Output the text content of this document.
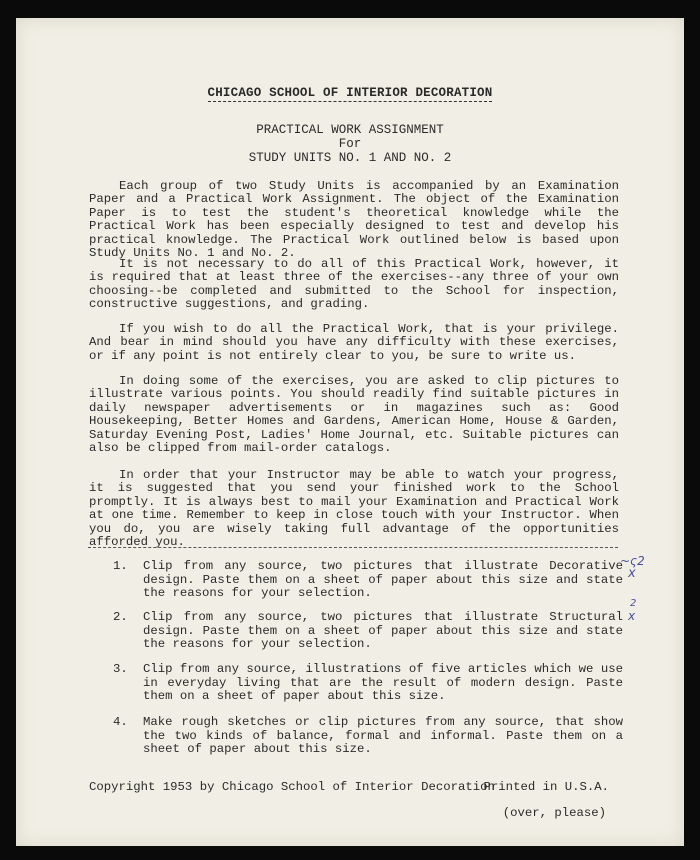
CHICAGO SCHOOL OF INTERIOR DECORATION
PRACTICAL WORK ASSIGNMENT
For
STUDY UNITS NO. 1 AND NO. 2
Each group of two Study Units is accompanied by an Examination Paper and a Practical Work Assignment. The object of the Examination Paper is to test the student's theoretical knowledge while the Practical Work has been especially designed to test and develop his practical knowledge. The Practical Work outlined below is based upon Study Units No. 1 and No. 2.
It is not necessary to do all of this Practical Work, however, it is required that at least three of the exercises--any three of your own choosing--be completed and submitted to the School for inspection, constructive suggestions, and grading.
If you wish to do all the Practical Work, that is your privilege. And bear in mind should you have any difficulty with these exercises, or if any point is not entirely clear to you, be sure to write us.
In doing some of the exercises, you are asked to clip pictures to illustrate various points. You should readily find suitable pictures in daily newspaper advertisements or in magazines such as: Good Housekeeping, Better Homes and Gardens, American Home, House & Garden, Saturday Evening Post, Ladies' Home Journal, etc. Suitable pictures can also be clipped from mail-order catalogs.
In order that your Instructor may be able to watch your progress, it is suggested that you send your finished work to the School promptly. It is always best to mail your Examination and Practical Work at one time. Remember to keep in close touch with your Instructor. When you do, you are wisely taking full advantage of the opportunities afforded you.
1. Clip from any source, two pictures that illustrate Decorative design. Paste them on a sheet of paper about this size and state the reasons for your selection.
2. Clip from any source, two pictures that illustrate Structural design. Paste them on a sheet of paper about this size and state the reasons for your selection.
3. Clip from any source, illustrations of five articles which we use in everyday living that are the result of modern design. Paste them on a sheet of paper about this size.
4. Make rough sketches or clip pictures from any source, that show the two kinds of balance, formal and informal. Paste them on a sheet of paper about this size.
Copyright 1953 by Chicago School of Interior Decoration
Printed in U.S.A.
(over, please)
~ς2
x
2
x
